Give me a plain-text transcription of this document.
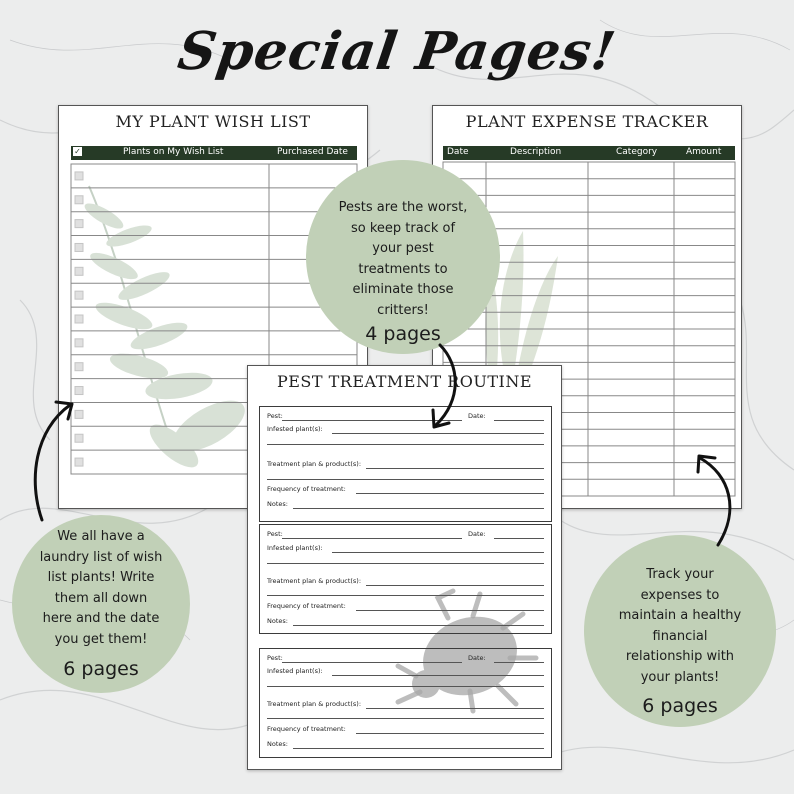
Special Pages!
MY PLANT WISH LIST
✓	Plants on My Wish List	Purchased Date
PLANT EXPENSE TRACKER
Date	Description	Category	Amount
PEST TREATMENT ROUTINE
Pest:	Date:
Infested plant(s):
Treatment plan & product(s):
Frequency of treatment:
Notes:
Pest:	Date:
Infested plant(s):
Treatment plan & product(s):
Frequency of treatment:
Notes:
Pest:	Date:
Infested plant(s):
Treatment plan & product(s):
Frequency of treatment:
Notes:
Pests are the worst,
so keep track of
your pest
treatments to
eliminate those
critters!
4 pages
We all have a
laundry list of wish
list plants! Write
them all down
here and the date
you get them!
6 pages
Track your
expenses to
maintain a healthy
financial
relationship with
your plants!
6 pages
